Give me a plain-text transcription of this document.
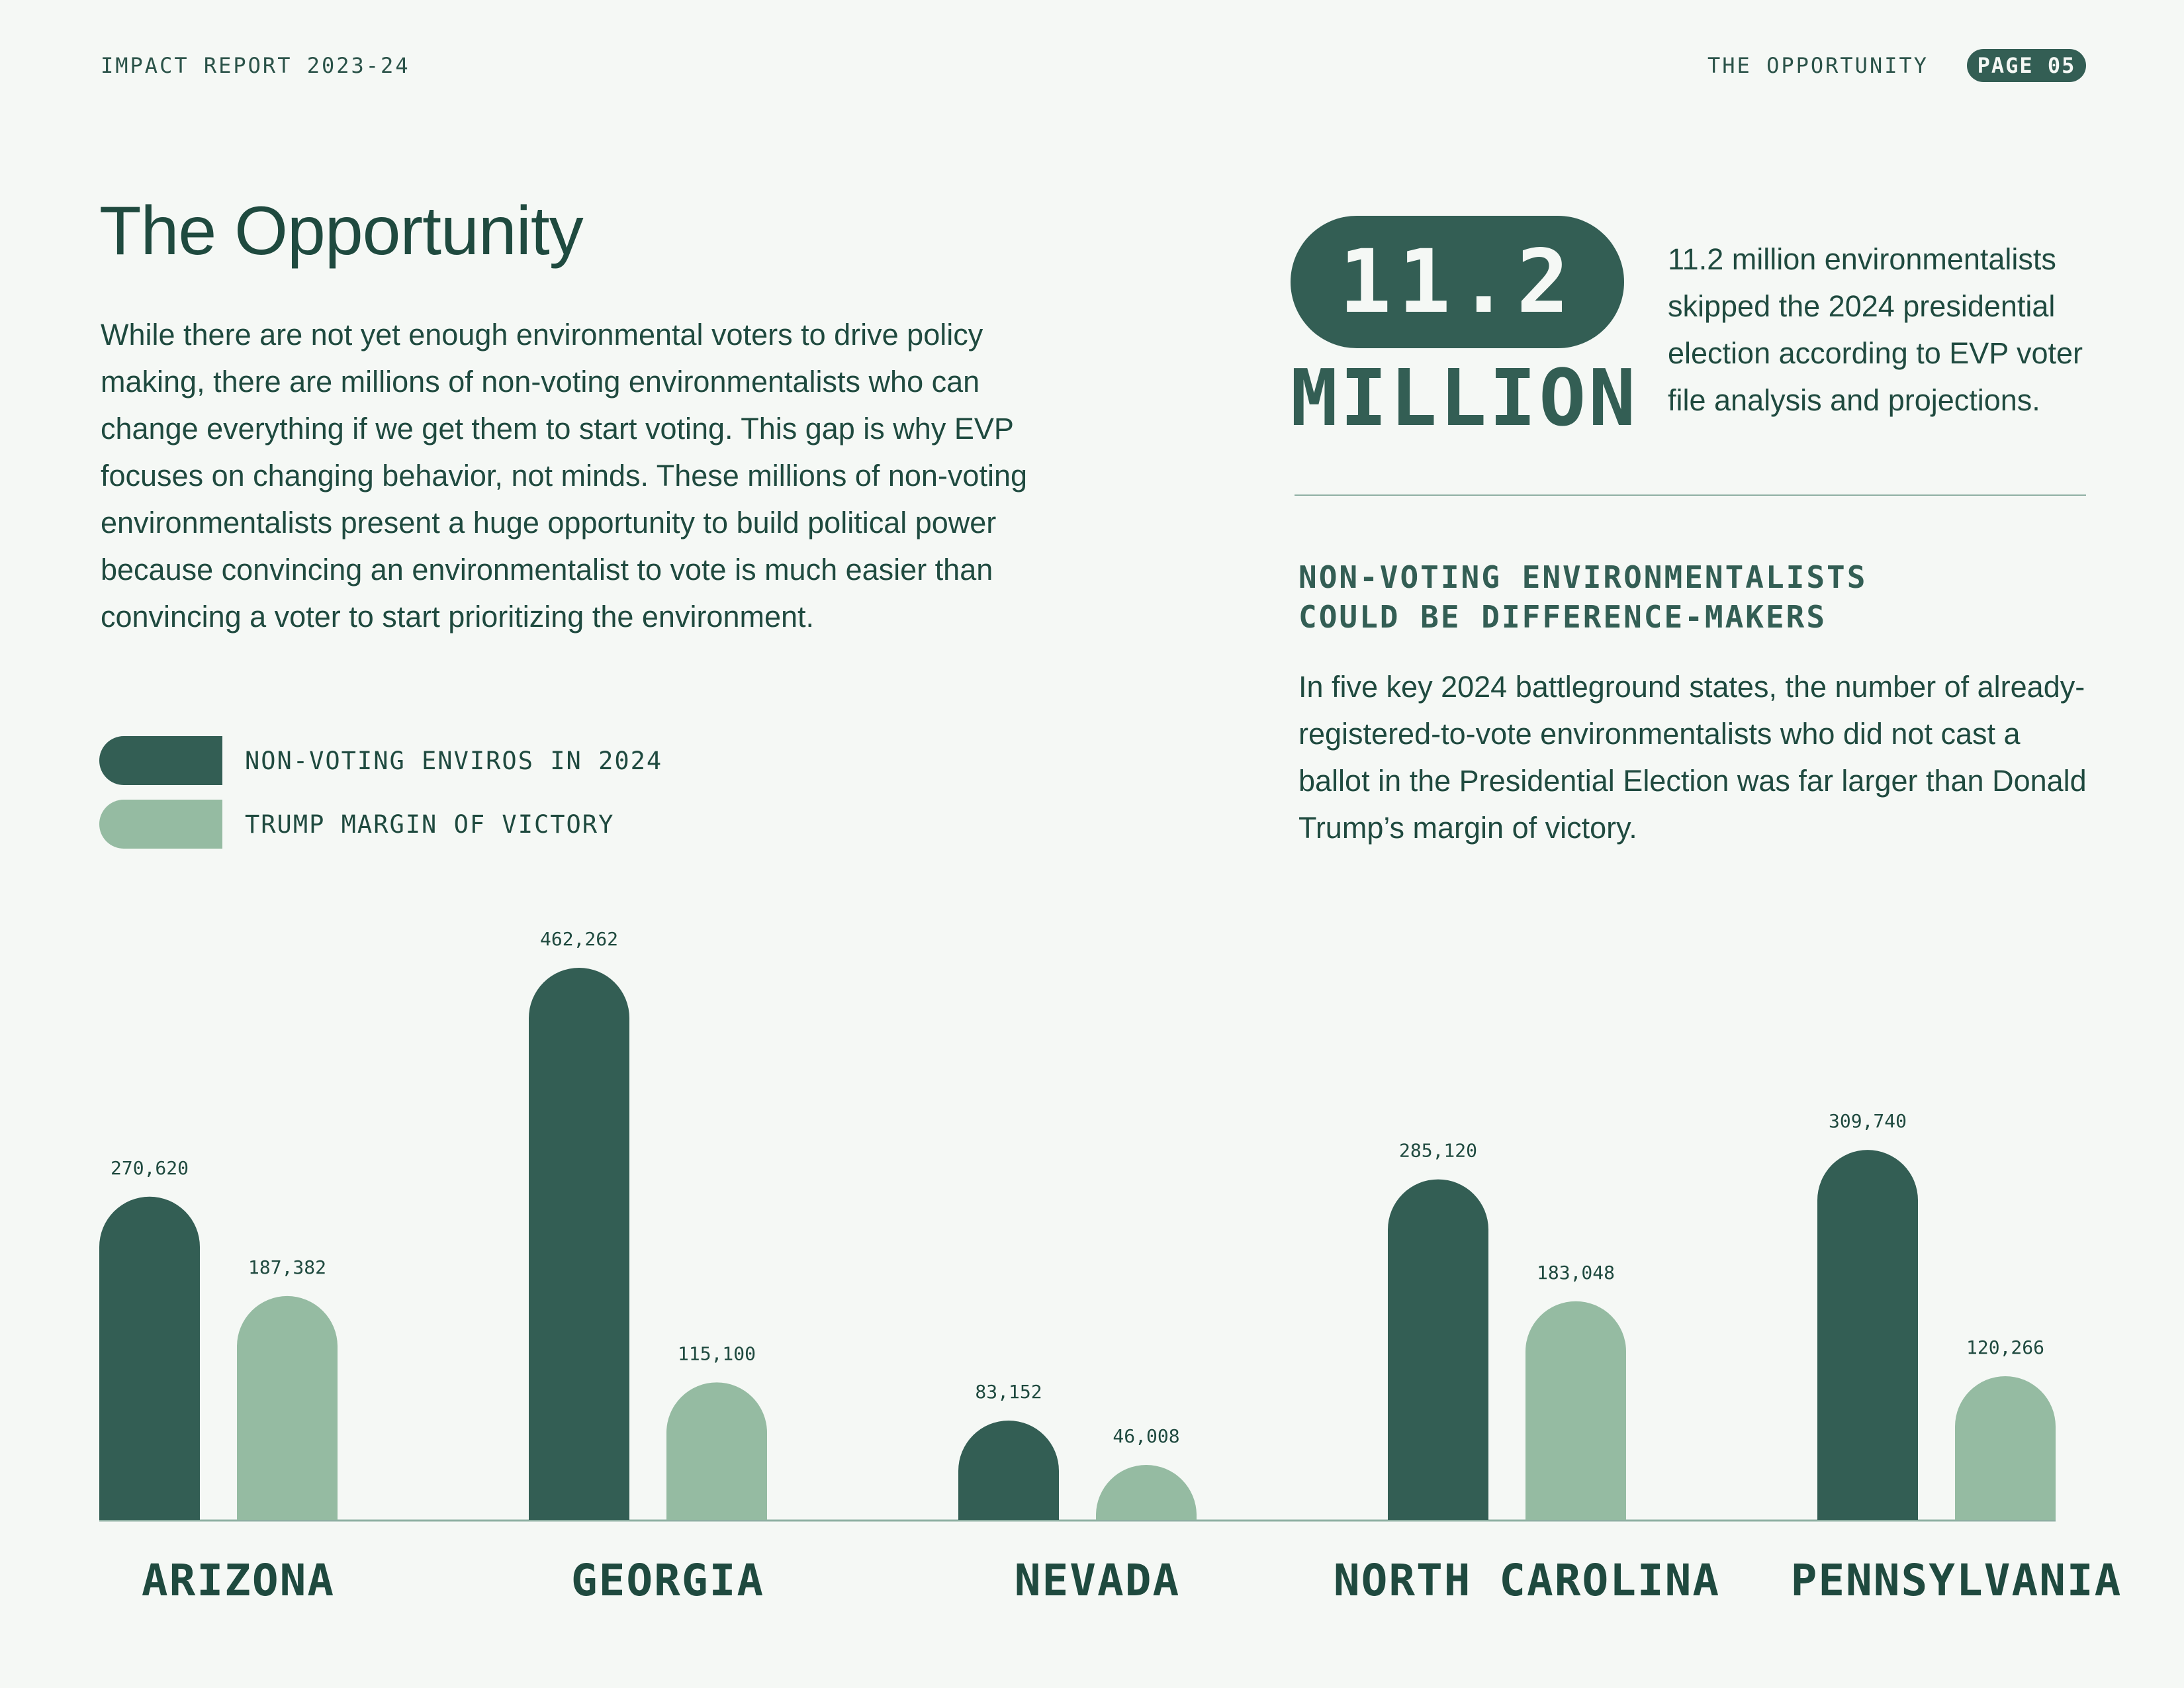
IMPACT REPORT 2023-24	THE OPPORTUNITY	PAGE 05
The Opportunity

While there are not yet enough environmental voters to drive policy making, there are millions of non-voting environmentalists who can change everything if we get them to start voting. This gap is why EVP focuses on changing behavior, not minds. These millions of non-voting environmentalists present a huge opportunity to build political power because convincing an environmentalist to vote is much easier than convincing a voter to start prioritizing the environment.

11.2
MILLION

11.2 million environmentalists skipped the 2024 presidential election according to EVP voter file analysis and projections.

NON-VOTING ENVIRONMENTALISTS
COULD BE DIFFERENCE-MAKERS

In five key 2024 battleground states, the number of already-registered-to-vote environmentalists who did not cast a ballot in the Presidential Election was far larger than Donald Trump’s margin of victory.

NON-VOTING ENVIROS IN 2024
TRUMP MARGIN OF VICTORY
270,620
187,382
ARIZONA
462,262
115,100
GEORGIA
83,152
46,008
NEVADA
285,120
183,048
NORTH CAROLINA
309,740
120,266
PENNSYLVANIA
